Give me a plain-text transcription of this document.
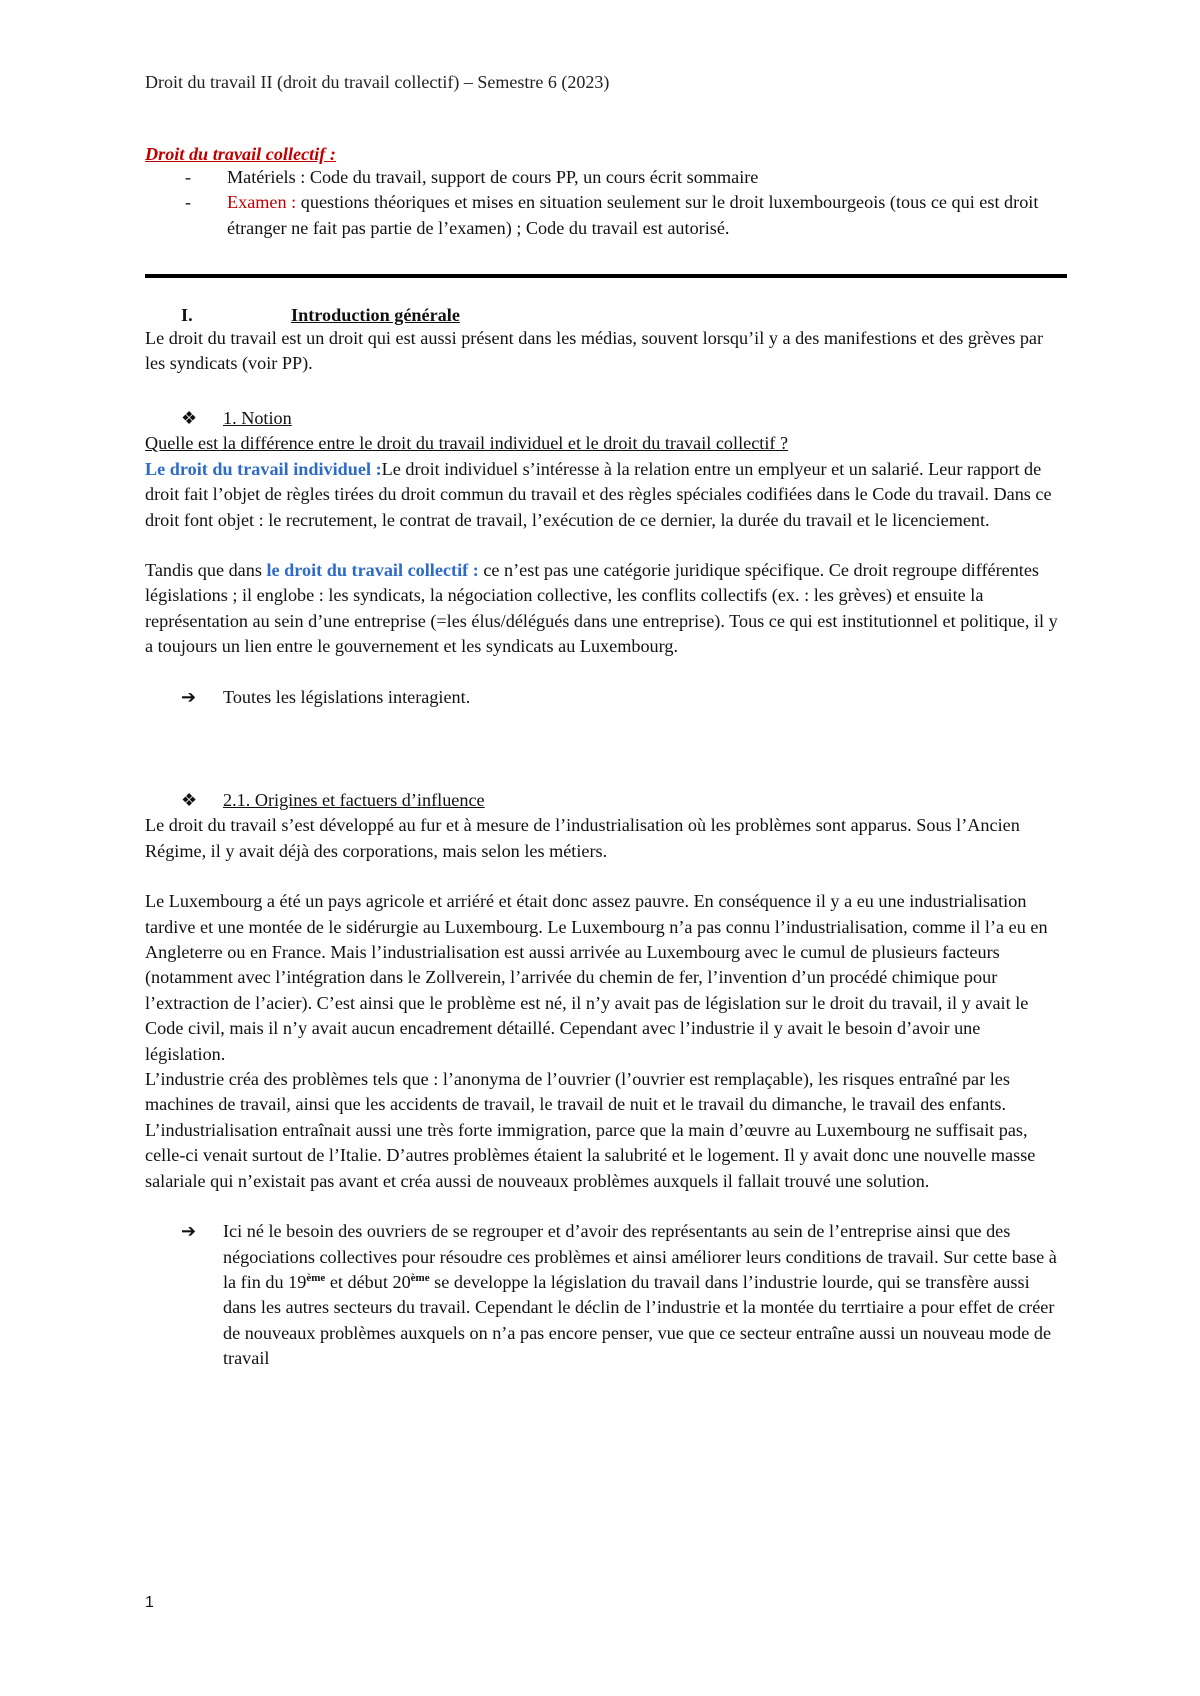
Droit du travail II (droit du travail collectif) – Semestre 6 (2023)
Droit du travail collectif :
-	Matériels : Code du travail, support de cours PP, un cours écrit sommaire
-	Examen : questions théoriques et mises en situation seulement sur le droit luxembourgeois (tous ce qui est droit étranger ne fait pas partie de l’examen) ; Code du travail est autorisé.
I.	Introduction générale

Le droit du travail est un droit qui est aussi présent dans les médias, souvent lorsqu’il y a des manifestions et des grèves par les syndicats (voir PP).

❖	1. Notion

Quelle est la différence entre le droit du travail individuel et le droit du travail collectif ?

Le droit du travail individuel :Le droit individuel s’intéresse à la relation entre un emplyeur et un salarié. Leur rapport de droit fait l’objet de règles tirées du droit commun du travail et des règles spéciales codifiées dans le Code du travail. Dans ce droit font objet : le recrutement, le contrat de travail, l’exécution de ce dernier, la durée du travail et le licenciement.

Tandis que dans le droit du travail collectif : ce n’est pas une catégorie juridique spécifique. Ce droit regroupe différentes législations ; il englobe : les syndicats, la négociation collective, les conflits collectifs (ex. : les grèves) et ensuite la représentation au sein d’une entreprise (=les élus/délégués dans une entreprise). Tous ce qui est institutionnel et politique, il y a toujours un lien entre le gouvernement et les syndicats au Luxembourg.

➔	Toutes les législations interagient.
❖	2.1. Origines et factuers d’influence

Le droit du travail s’est développé au fur et à mesure de l’industrialisation où les problèmes sont apparus. Sous l’Ancien Régime, il y avait déjà des corporations, mais selon les métiers.

Le Luxembourg a été un pays agricole et arriéré et était donc assez pauvre. En conséquence il y a eu une industrialisation tardive et une montée de le sidérurgie au Luxembourg. Le Luxembourg n’a pas connu l’industrialisation, comme il l’a eu en Angleterre ou en France. Mais l’industrialisation est aussi arrivée au Luxembourg avec le cumul de plusieurs facteurs (notamment avec l’intégration dans le Zollverein, l’arrivée du chemin de fer, l’invention d’un procédé chimique pour l’extraction de l’acier). C’est ainsi que le problème est né, il n’y avait pas de législation sur le droit du travail, il y avait le Code civil, mais il n’y avait aucun encadrement détaillé. Cependant avec l’industrie il y avait le besoin d’avoir une législation.

L’industrie créa des problèmes tels que : l’anonyma de l’ouvrier (l’ouvrier est remplaçable), les risques entraîné par les machines de travail, ainsi que les accidents de travail, le travail de nuit et le travail du dimanche, le travail des enfants. L’industrialisation entraînait aussi une très forte immigration, parce que la main d’œuvre au Luxembourg ne suffisait pas, celle-ci venait surtout de l’Italie. D’autres problèmes étaient la salubrité et le logement. Il y avait donc une nouvelle masse salariale qui n’existait pas avant et créa aussi de nouveaux problèmes auxquels il fallait trouvé une solution.

➔	Ici né le besoin des ouvriers de se regrouper et d’avoir des représentants au sein de l’entreprise ainsi que des négociations collectives pour résoudre ces problèmes et ainsi améliorer leurs conditions de travail. Sur cette base à la fin du 19ème et début 20ème se developpe la législation du travail dans l’industrie lourde, qui se transfère aussi dans les autres secteurs du travail. Cependant le déclin de l’industrie et la montée du terrtiaire a pour effet de créer de nouveaux problèmes auxquels on n’a pas encore penser, vue que ce secteur entraîne aussi un nouveau mode de travail
1
